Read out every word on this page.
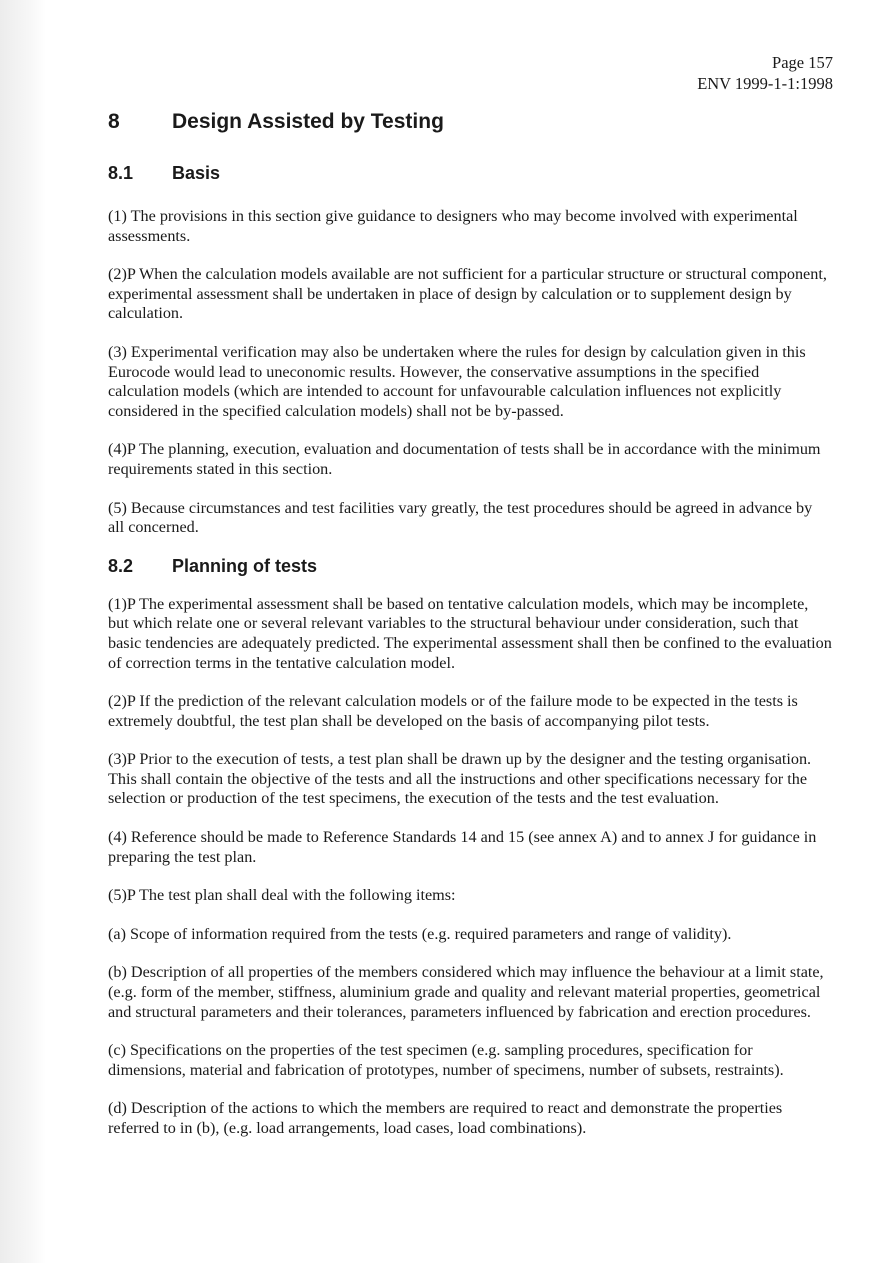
Page 157
ENV 1999-1-1:1998
8	Design Assisted by Testing
8.1	Basis

(1) The provisions in this section give guidance to designers who may become involved with experimental assessments.

(2)P When the calculation models available are not sufficient for a particular structure or structural component, experimental assessment shall be undertaken in place of design by calculation or to supplement design by calculation.

(3) Experimental verification may also be undertaken where the rules for design by calculation given in this Eurocode would lead to uneconomic results. However, the conservative assumptions in the specified calculation models (which are intended to account for unfavourable calculation influences not explicitly considered in the specified calculation models) shall not be by-passed.

(4)P The planning, execution, evaluation and documentation of tests shall be in accordance with the minimum requirements stated in this section.

(5) Because circumstances and test facilities vary greatly, the test procedures should be agreed in advance by all concerned.

8.2	Planning of tests

(1)P The experimental assessment shall be based on tentative calculation models, which may be incomplete, but which relate one or several relevant variables to the structural behaviour under consideration, such that basic tendencies are adequately predicted. The experimental assessment shall then be confined to the evaluation of correction terms in the tentative calculation model.

(2)P If the prediction of the relevant calculation models or of the failure mode to be expected in the tests is extremely doubtful, the test plan shall be developed on the basis of accompanying pilot tests.

(3)P Prior to the execution of tests, a test plan shall be drawn up by the designer and the testing organisation. This shall contain the objective of the tests and all the instructions and other specifications necessary for the selection or production of the test specimens, the execution of the tests and the test evaluation.

(4) Reference should be made to Reference Standards 14 and 15 (see annex A) and to annex J for guidance in preparing the test plan.

(5)P The test plan shall deal with the following items:

(a) Scope of information required from the tests (e.g. required parameters and range of validity).

(b) Description of all properties of the members considered which may influence the behaviour at a limit state, (e.g. form of the member, stiffness, aluminium grade and quality and relevant material properties, geometrical and structural parameters and their tolerances, parameters influenced by fabrication and erection procedures.

(c) Specifications on the properties of the test specimen (e.g. sampling procedures, specification for dimensions, material and fabrication of prototypes, number of specimens, number of subsets, restraints).

(d) Description of the actions to which the members are required to react and demonstrate the properties referred to in (b), (e.g. load arrangements, load cases, load combinations).
